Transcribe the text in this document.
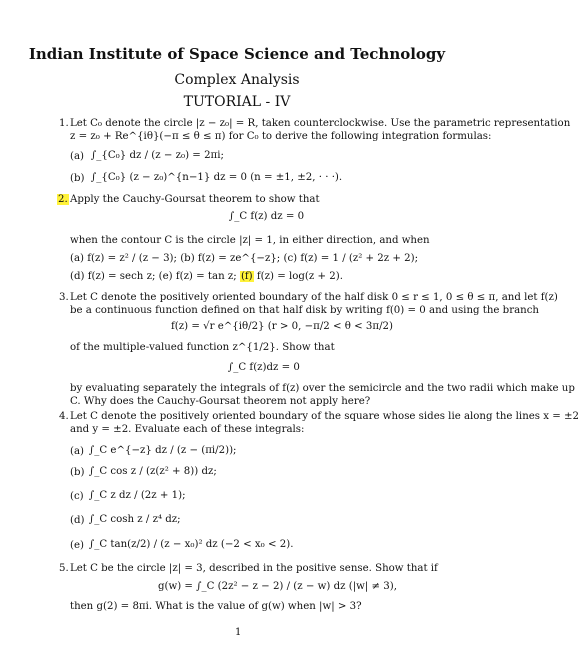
Indian Institute of Space Science and Technology
Complex Analysis
TUTORIAL - IV
1. Let C₀ denote the circle |z − z₀| = R, taken counterclockwise. Use the parametric representation
z = z₀ + Re^{iθ}(−π ≤ θ ≤ π) for C₀ to derive the following integration formulas:
(a) ∫_{C₀} dz / (z − z₀) = 2πi;
(b) ∫_{C₀} (z − z₀)^{n−1} dz = 0 (n = ±1, ±2, · · ·).
2. Apply the Cauchy-Goursat theorem to show that
∫_C f(z) dz = 0
when the contour C is the circle |z| = 1, in either direction, and when
(a) f(z) = z² / (z − 3); (b) f(z) = ze^{−z}; (c) f(z) = 1 / (z² + 2z + 2);
(d) f(z) = sech z; (e) f(z) = tan z; (f) f(z) = log(z + 2).
3. Let C denote the positively oriented boundary of the half disk 0 ≤ r ≤ 1, 0 ≤ θ ≤ π, and let f(z)
be a continuous function defined on that half disk by writing f(0) = 0 and using the branch
f(z) = √r e^{iθ/2} (r > 0, −π/2 < θ < 3π/2)
of the multiple-valued function z^{1/2}. Show that
∫_C f(z)dz = 0
by evaluating separately the integrals of f(z) over the semicircle and the two radii which make up
C. Why does the Cauchy-Goursat theorem not apply here?
4. Let C denote the positively oriented boundary of the square whose sides lie along the lines x = ±2
and y = ±2. Evaluate each of these integrals:
(a) ∫_C e^{−z} dz / (z − (πi/2));
(b) ∫_C cos z / (z(z² + 8)) dz;
(c) ∫_C z dz / (2z + 1);
(d) ∫_C cosh z / z⁴ dz;
(e) ∫_C tan(z/2) / (z − x₀)² dz (−2 < x₀ < 2).
5. Let C be the circle |z| = 3, described in the positive sense. Show that if
g(w) = ∫_C (2z² − z − 2) / (z − w) dz (|w| ≠ 3),
then g(2) = 8πi. What is the value of g(w) when |w| > 3?
1
